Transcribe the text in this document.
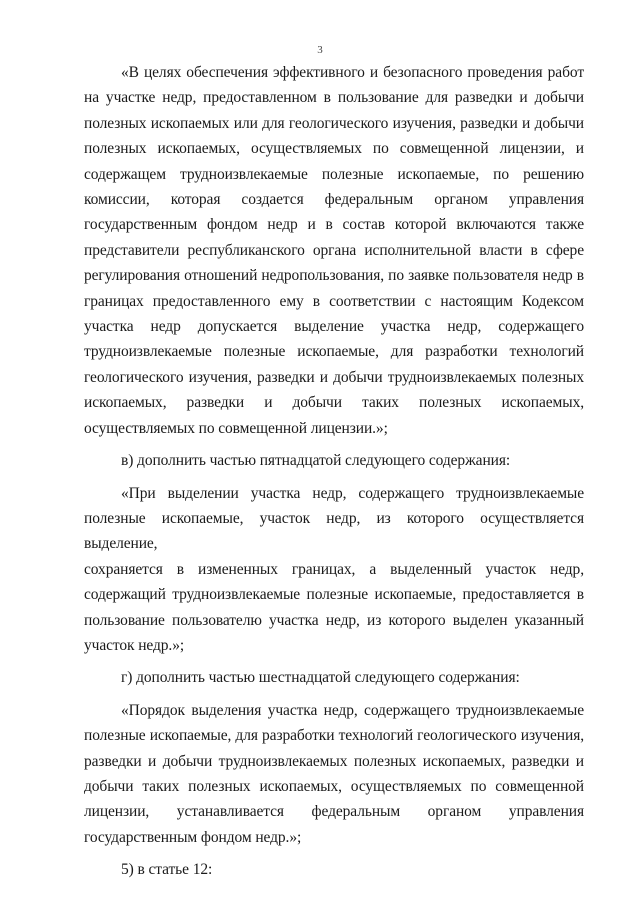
3
«В целях обеспечения эффективного и безопасного проведения работ
на участке недр, предоставленном в пользование для разведки и добычи
полезных ископаемых или для геологического изучения, разведки и добычи
полезных ископаемых, осуществляемых по совмещенной лицензии, и
содержащем трудноизвлекаемые полезные ископаемые, по решению
комиссии, которая создается федеральным органом управления
государственным фондом недр и в состав которой включаются также
представители республиканского органа исполнительной власти в сфере
регулирования отношений недропользования, по заявке пользователя недр в
границах предоставленного ему в соответствии с настоящим Кодексом
участка недр допускается выделение участка недр, содержащего
трудноизвлекаемые полезные ископаемые, для разработки технологий
геологического изучения, разведки и добычи трудноизвлекаемых полезных
ископаемых, разведки и добычи таких полезных ископаемых,
осуществляемых по совмещенной лицензии.»;
в) дополнить частью пятнадцатой следующего содержания:
«При выделении участка недр, содержащего трудноизвлекаемые
полезные ископаемые, участок недр, из которого осуществляется выделение,
сохраняется в измененных границах, а выделенный участок недр,
содержащий трудноизвлекаемые полезные ископаемые, предоставляется в
пользование пользователю участка недр, из которого выделен указанный
участок недр.»;
г) дополнить частью шестнадцатой следующего содержания:
«Порядок выделения участка недр, содержащего трудноизвлекаемые
полезные ископаемые, для разработки технологий геологического изучения,
разведки и добычи трудноизвлекаемых полезных ископаемых, разведки и
добычи таких полезных ископаемых, осуществляемых по совмещенной
лицензии, устанавливается федеральным органом управления
государственным фондом недр.»;
5) в статье 12:
